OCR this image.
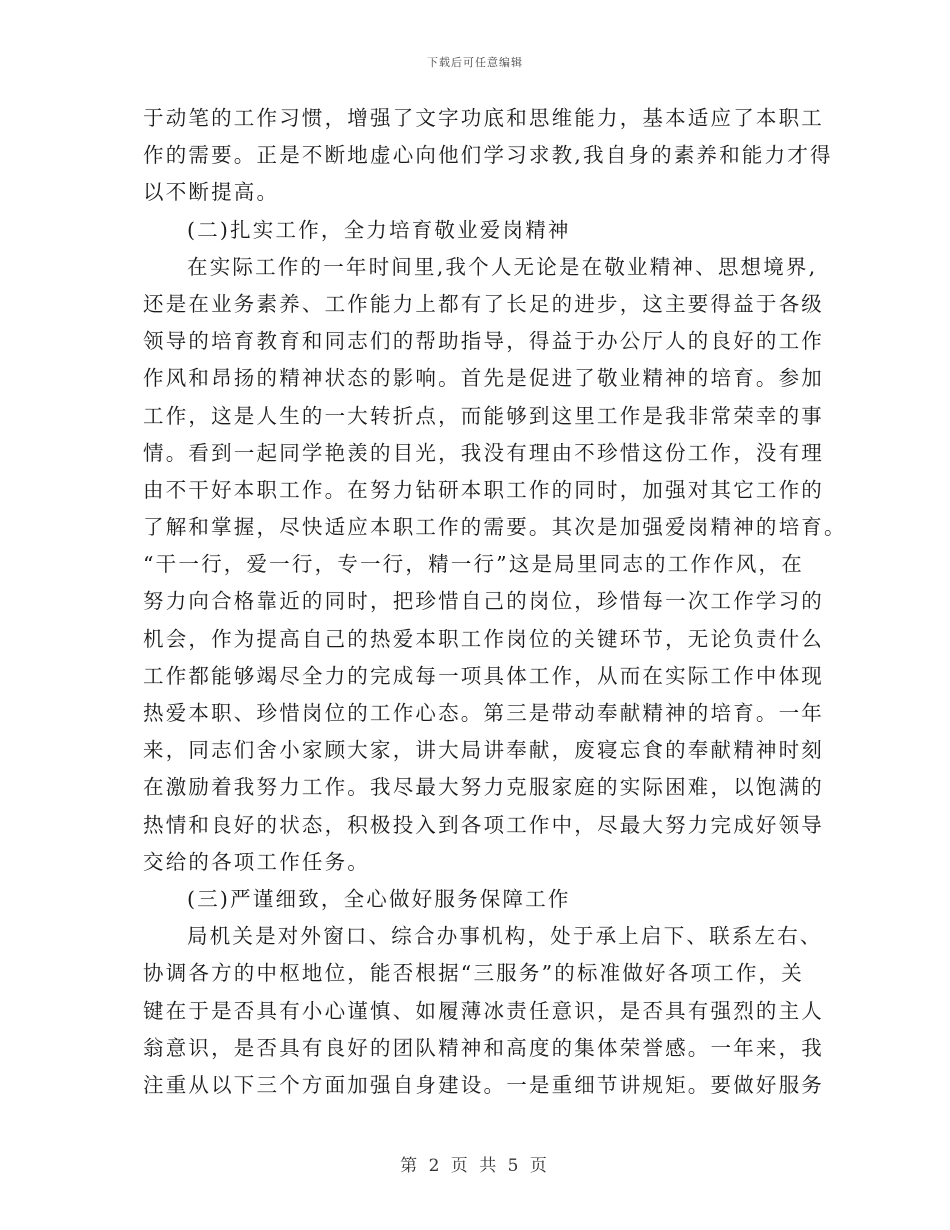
下载后可任意编辑
于动笔的工作习惯，增强了文字功底和思维能力，基本适应了本职工
作的需要。正是不断地虚心向他们学习求教,我自身的素养和能力才得
以不断提高。
(二)扎实工作，全力培育敬业爱岗精神
在实际工作的一年时间里,我个人无论是在敬业精神、思想境界,
还是在业务素养、工作能力上都有了长足的进步，这主要得益于各级
领导的培育教育和同志们的帮助指导，得益于办公厅人的良好的工作
作风和昂扬的精神状态的影响。首先是促进了敬业精神的培育。参加
工作，这是人生的一大转折点，而能够到这里工作是我非常荣幸的事
情。看到一起同学艳羡的目光，我没有理由不珍惜这份工作，没有理
由不干好本职工作。在努力钻研本职工作的同时，加强对其它工作的
了解和掌握，尽快适应本职工作的需要。其次是加强爱岗精神的培育。
“干一行，爱一行，专一行，精一行”这是局里同志的工作作风，在
努力向合格靠近的同时，把珍惜自己的岗位，珍惜每一次工作学习的
机会，作为提高自己的热爱本职工作岗位的关键环节，无论负责什么
工作都能够竭尽全力的完成每一项具体工作，从而在实际工作中体现
热爱本职、珍惜岗位的工作心态。第三是带动奉献精神的培育。一年
来，同志们舍小家顾大家，讲大局讲奉献，废寝忘食的奉献精神时刻
在激励着我努力工作。我尽最大努力克服家庭的实际困难，以饱满的
热情和良好的状态，积极投入到各项工作中，尽最大努力完成好领导
交给的各项工作任务。
(三)严谨细致，全心做好服务保障工作
局机关是对外窗口、综合办事机构，处于承上启下、联系左右、
协调各方的中枢地位，能否根据“三服务”的标准做好各项工作，关
键在于是否具有小心谨慎、如履薄冰责任意识，是否具有强烈的主人
翁意识，是否具有良好的团队精神和高度的集体荣誉感。一年来，我
注重从以下三个方面加强自身建设。一是重细节讲规矩。要做好服务
第 2 页 共 5 页
